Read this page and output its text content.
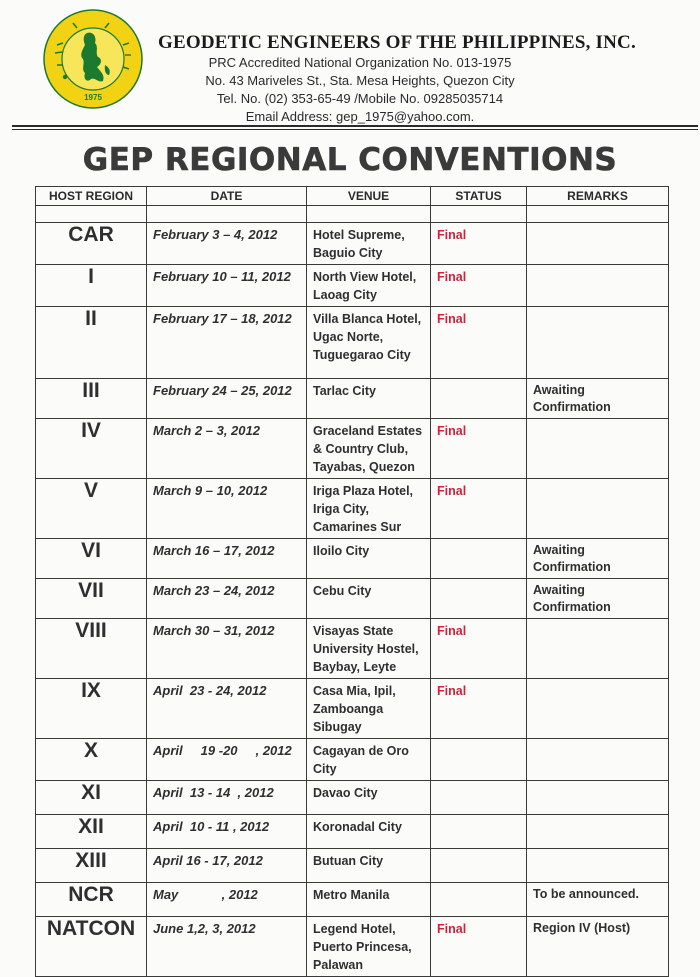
1975
GEODETIC ENGINEERS OF THE PHILIPPINES, INC.
PRC Accredited National Organization No. 013-1975
No. 43 Mariveles St., Sta. Mesa Heights, Quezon City
Tel. No. (02) 353-65-49 /Mobile No. 09285035714
Email Address: gep_1975@yahoo.com.
GEP REGIONAL CONVENTIONS
HOST REGION	DATE	VENUE	STATUS	REMARKS

CAR	February 3 – 4, 2012	Hotel Supreme, Baguio City	Final	
I	February 10 – 11, 2012	North View Hotel, Laoag City	Final	
II	February 17 – 18, 2012	Villa Blanca Hotel, Ugac Norte, Tuguegarao City	Final	
III	February 24 – 25, 2012	Tarlac City		Awaiting Confirmation
IV	March 2 – 3, 2012	Graceland Estates & Country Club, Tayabas, Quezon	Final	
V	March 9 – 10, 2012	Iriga Plaza Hotel, Iriga City, Camarines Sur	Final	
VI	March 16 – 17, 2012	Iloilo City		Awaiting Confirmation
VII	March 23 – 24, 2012	Cebu City		Awaiting Confirmation
VIII	March 30 – 31, 2012	Visayas State University Hostel, Baybay, Leyte	Final	
IX	April  23 - 24, 2012	Casa Mia, Ipil, Zamboanga Sibugay	Final	
X	April     19 -20     , 2012	Cagayan de Oro City		
XI	April  13 - 14  , 2012	Davao City		
XII	April  10 - 11 , 2012	Koronadal City		
XIII	April 16 - 17, 2012	Butuan City		
NCR	May            , 2012	Metro Manila		To be announced.
NATCON	June 1,2, 3, 2012	Legend Hotel, Puerto Princesa, Palawan	Final	Region IV (Host)
